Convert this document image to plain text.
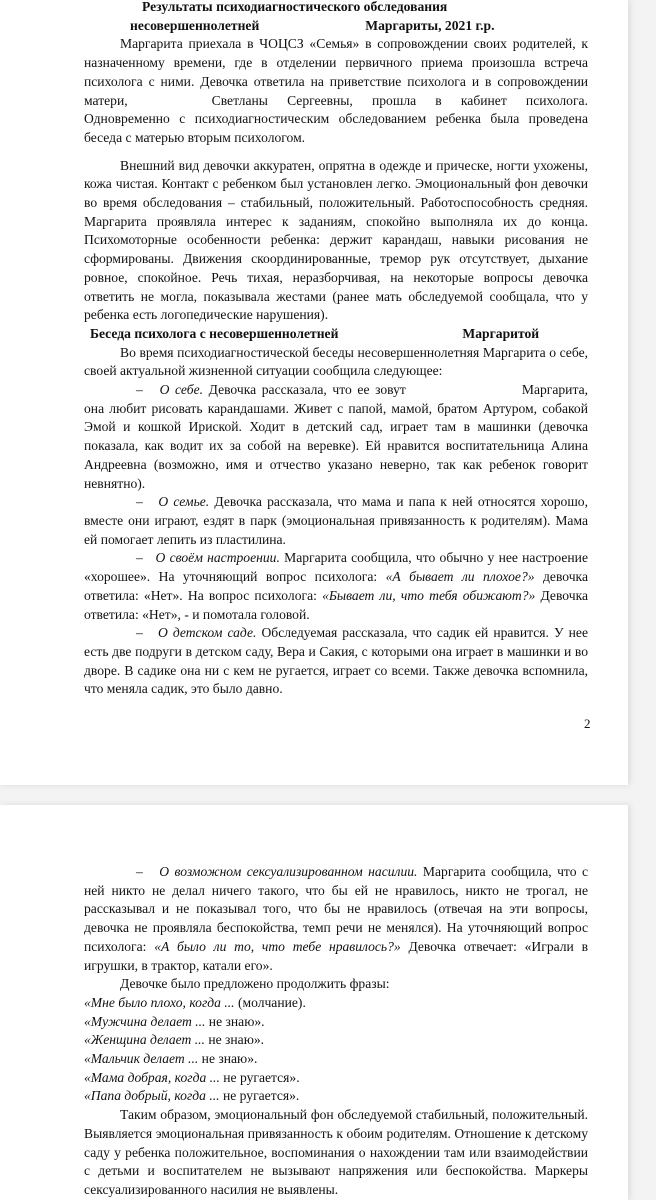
Результаты психодиагностического обследования

несовершеннолетней	Маргариты, 2021 г.р.

Маргарита приехала в ЧОЦСЗ «Семья» в сопровождении своих родителей, к назначенному времени, где в отделении первичного приема произошла встреча психолога с ними. Девочка ответила на приветствие психолога и в сопровождении матери,	Светланы Сергеевны, прошла в кабинет психолога. Одновременно с психодиагностическим обследованием ребенка была проведена беседа с матерью вторым психологом.

Внешний вид девочки аккуратен, опрятна в одежде и прическе, ногти ухожены, кожа чистая. Контакт с ребенком был установлен легко. Эмоциональный фон девочки во время обследования – стабильный, положительный. Работоспособность средняя. Маргарита проявляла интерес к заданиям, спокойно выполняла их до конца. Психомоторные особенности ребенка: держит карандаш, навыки рисования не сформированы. Движения скоординированные, тремор рук отсутствует, дыхание ровное, спокойное. Речь тихая, неразборчивая, на некоторые вопросы девочка ответить не могла, показывала жестами (ранее мать обследуемой сообщала, что у ребенка есть логопедические нарушения).

Беседа психолога с несовершеннолетней	Маргаритой

Во время психодиагностической беседы несовершеннолетняя Маргарита о себе, своей актуальной жизненной ситуации сообщила следующее:

–   О себе. Девочка рассказала, что ее зовут	Маргарита, она любит рисовать карандашами. Живет с папой, мамой, братом Артуром, собакой Эмой и кошкой Ириской. Ходит в детский сад, играет там в машинки (девочка показала, как водит их за собой на веревке). Ей нравится воспитательница Алина Андреевна (возможно, имя и отчество указано неверно, так как ребенок говорит невнятно).

–   О семье. Девочка рассказала, что мама и папа к ней относятся хорошо, вместе они играют, ездят в парк (эмоциональная привязанность к родителям). Мама ей помогает лепить из пластилина.

–   О своём настроении. Маргарита сообщила, что обычно у нее настроение «хорошее». На уточняющий вопрос психолога: «А бывает ли плохое?» девочка ответила: «Нет». На вопрос психолога: «Бывает ли, что тебя обижают?» Девочка ответила: «Нет», - и помотала головой.

–   О детском саде. Обследуемая рассказала, что садик ей нравится. У нее есть две подруги в детском саду, Вера и Сакия, с которыми она играет в машинки и во дворе. В садике она ни с кем не ругается, играет со всеми. Также девочка вспомнила, что меняла садик, это было давно.

2

–   О возможном сексуализированном насилии. Маргарита сообщила, что с ней никто не делал ничего такого, что бы ей не нравилось, никто не трогал, не рассказывал и не показывал того, что бы не нравилось (отвечая на эти вопросы, девочка не проявляла беспокойства, темп речи не менялся). На уточняющий вопрос психолога: «А было ли то, что тебе нравилось?» Девочка отвечает: «Играли в игрушки, в трактор, катали его».

Девочке было предложено продолжить фразы:

«Мне было плохо, когда ... (молчание).

«Мужчина делает ... не знаю».

«Женщина делает ... не знаю».

«Мальчик делает ... не знаю».

«Мама добрая, когда ... не ругается».

«Папа добрый, когда ... не ругается».

Таким образом, эмоциональный фон обследуемой стабильный, положительный. Выявляется эмоциональная привязанность к обоим родителям. Отношение к детскому саду у ребенка положительное, воспоминания о нахождении там или взаимодействии с детьми и воспитателем не вызывают напряжения или беспокойства. Маркеры сексуализированного насилия не выявлены.
